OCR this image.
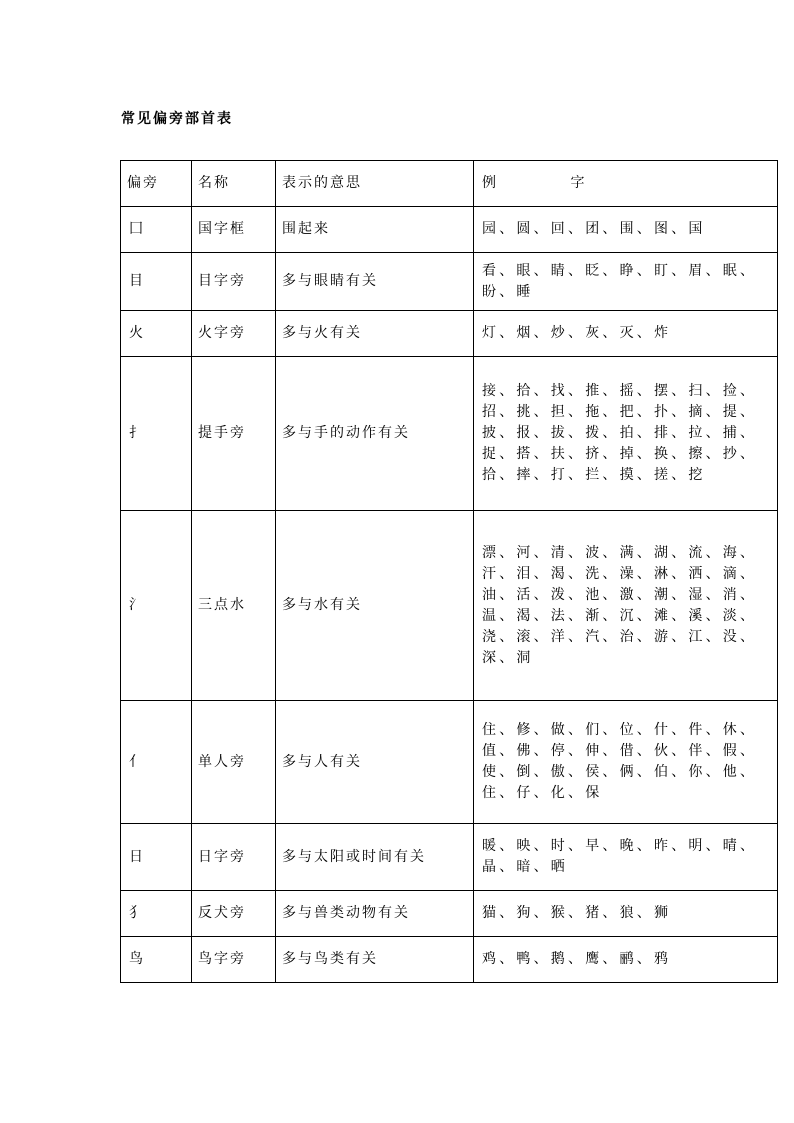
常见偏旁部首表
偏旁	名称	表示的意思	例 字
囗	国字框	围起来	园、圆、回、团、围、图、国

目	目字旁	多与眼睛有关	看、眼、睛、眨、睁、盯、眉、眠、盼、睡

火	火字旁	多与火有关	灯、烟、炒、灰、灭、炸

扌	提手旁	多与手的动作有关	接、拾、找、推、摇、摆、扫、捡、招、挑、担、拖、把、扑、摘、提、披、报、拔、拨、拍、排、拉、捕、捉、搭、扶、挤、掉、换、擦、抄、拾、摔、打、拦、摸、搓、挖

氵	三点水	多与水有关	漂、河、清、波、满、湖、流、海、汗、泪、渴、洗、澡、淋、洒、滴、油、活、泼、池、激、潮、湿、消、温、渴、法、渐、沉、滩、溪、淡、浇、滚、洋、汽、治、游、江、没、深、洞

亻	单人旁	多与人有关	住、修、做、们、位、什、件、休、值、佛、停、伸、借、伙、伴、假、使、倒、傲、侯、俩、伯、你、他、住、仔、化、保

日	日字旁	多与太阳或时间有关	暖、映、时、早、晚、昨、明、晴、晶、暗、晒

犭	反犬旁	多与兽类动物有关	猫、狗、猴、猪、狼、狮

鸟	鸟字旁	多与鸟类有关	鸡、鸭、鹅、鹰、鹂、鸦
